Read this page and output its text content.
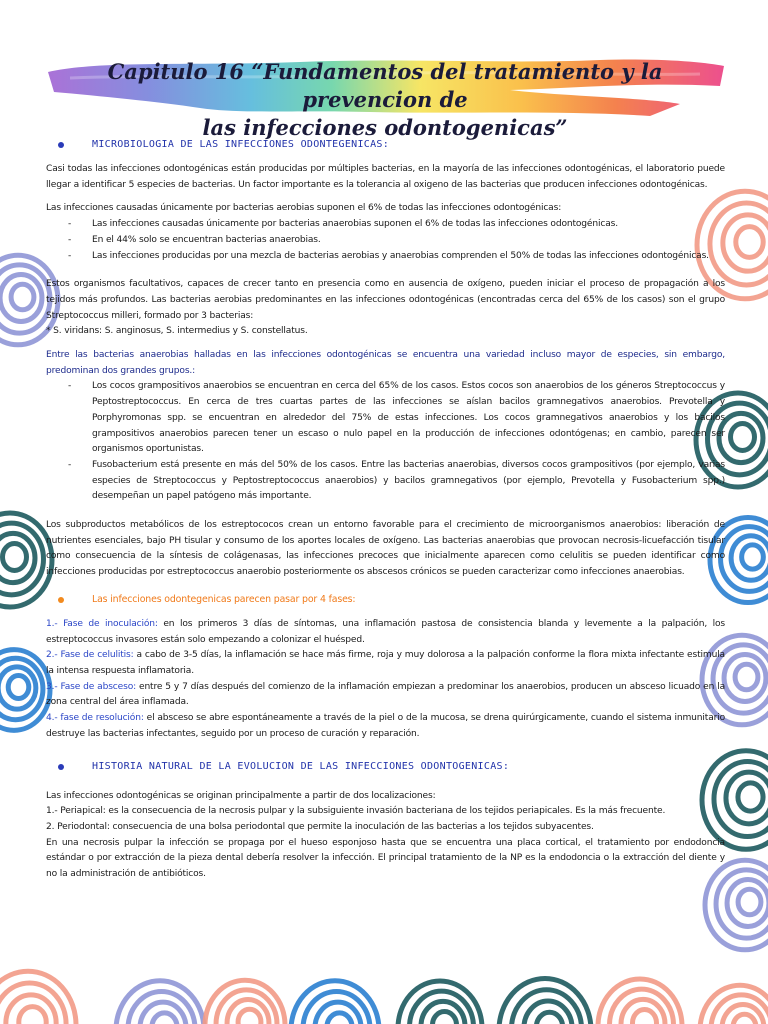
Capitulo 16 “Fundamentos del tratamiento y la prevencion de
las infecciones odontogenicas”
MICROBIOLOGIA DE LAS INFECCIONES ODONTEGENICAS:

Casi todas las infecciones odontogénicas están producidas por múltiples bacterias, en la mayoría de las infecciones odontogénicas, el laboratorio puede llegar a identificar 5 especies de bacterias. Un factor importante es la tolerancia al oxigeno de las bacterias que producen infecciones odontogénicas.

Las infecciones causadas únicamente por bacterias aerobias suponen el 6% de todas las infecciones odontogénicas:

- Las infecciones causadas únicamente por bacterias anaerobias suponen el 6% de todas las infecciones odontogénicas.
- En el 44% solo se encuentran bacterias anaerobias.
- Las infecciones producidas por una mezcla de bacterias aerobias y anaerobias comprenden el 50% de todas las infecciones odontogénicas.

Estos organismos facultativos, capaces de crecer tanto en presencia como en ausencia de oxígeno, pueden iniciar el proceso de propagación a los tejidos más profundos. Las bacterias aerobias predominantes en las infecciones odontogénicas (encontradas cerca del 65% de los casos) son el grupo Streptococcus milleri, formado por 3 bacterias:

* S. viridans: S. anginosus, S. intermedius y S. constellatus.

Entre las bacterias anaerobias halladas en las infecciones odontogénicas se encuentra una variedad incluso mayor de especies, sin embargo, predominan dos grandes grupos.:

- Los cocos grampositivos anaerobios se encuentran en cerca del 65% de los casos. Estos cocos son anaerobios de los géneros Streptococcus y Peptostreptococcus. En cerca de tres cuartas partes de las infecciones se aíslan bacilos gramnegativos anaerobios. Prevotella y Porphyromonas spp. se encuentran en alrededor del 75% de estas infecciones. Los cocos gramnegativos anaerobios y los bacilos grampositivos anaerobios parecen tener un escaso o nulo papel en la producción de infecciones odontógenas; en cambio, parecen ser organismos oportunistas.
- Fusobacterium está presente en más del 50% de los casos. Entre las bacterias anaerobias, diversos cocos grampositivos (por ejemplo, varias especies de Streptococcus y Peptostreptococcus anaerobios) y bacilos gramnegativos (por ejemplo, Prevotella y Fusobacterium spp.) desempeñan un papel patógeno más importante.

Los subproductos metabólicos de los estreptococos crean un entorno favorable para el crecimiento de microorganismos anaerobios: liberación de nutrientes esenciales, bajo PH tisular y consumo de los aportes locales de oxígeno. Las bacterias anaerobias que provocan necrosis-licuefacción tisular como consecuencia de la síntesis de colágenasas, las infecciones precoces que inicialmente aparecen como celulitis se pueden identificar como infecciones producidas por estreptococcus anaerobio posteriormente os abscesos crónicos se pueden caracterizar como infecciones anaerobias.

Las infecciones odontegenicas parecen pasar por 4 fases:

1.- Fase de inoculación: en los primeros 3 días de síntomas, una inflamación pastosa de consistencia blanda y levemente a la palpación, los estreptococcus invasores están solo empezando a colonizar el huésped.

2.- Fase de celulitis: a cabo de 3-5 días, la inflamación se hace más firme, roja y muy dolorosa a la palpación conforme la flora mixta infectante estimula la intensa respuesta inflamatoria.

3.- Fase de absceso: entre 5 y 7 días después del comienzo de la inflamación empiezan a predominar los anaerobios, producen un absceso licuado en la zona central del área inflamada.

4.- fase de resolución: el absceso se abre espontáneamente a través de la piel o de la mucosa, se drena quirúrgicamente, cuando el sistema inmunitario destruye las bacterias infectantes, seguido por un proceso de curación y reparación.

HISTORIA NATURAL DE LA EVOLUCION DE LAS INFECCIONES ODONTOGENICAS:

Las infecciones odontogénicas se originan principalmente a partir de dos localizaciones:

1.- Periapical: es la consecuencia de la necrosis pulpar y la subsiguiente invasión bacteriana de los tejidos periapicales. Es la más frecuente.

2. Periodontal: consecuencia de una bolsa periodontal que permite la inoculación de las bacterias a los tejidos subyacentes.

En una necrosis pulpar la infección se propaga por el hueso esponjoso hasta que se encuentra una placa cortical, el tratamiento por endodoncia estándar o por extracción de la pieza dental debería resolver la infección. El principal tratamiento de la NP es la endodoncia o la extracción del diente y no la administración de antibióticos.
